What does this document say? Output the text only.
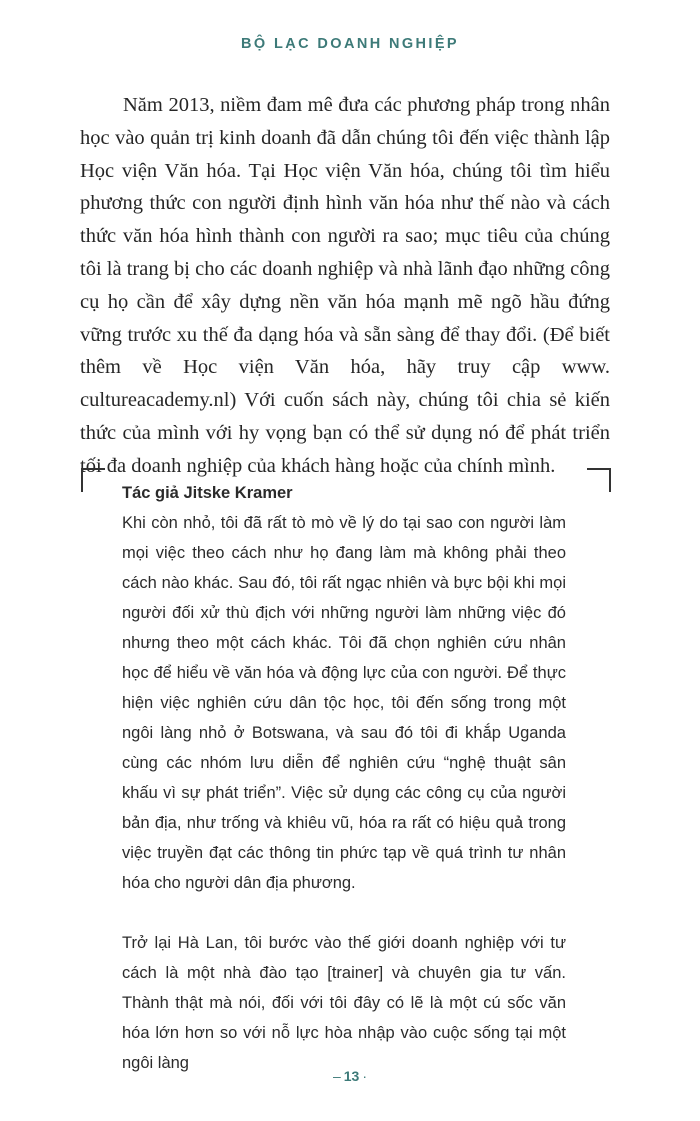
BỘ LẠC DOANH NGHIỆP

Năm 2013, niềm đam mê đưa các phương pháp trong nhân học vào quản trị kinh doanh đã dẫn chúng tôi đến việc thành lập Học viện Văn hóa. Tại Học viện Văn hóa, chúng tôi tìm hiểu phương thức con người định hình văn hóa như thế nào và cách thức văn hóa hình thành con người ra sao; mục tiêu của chúng tôi là trang bị cho các doanh nghiệp và nhà lãnh đạo những công cụ họ cần để xây dựng nền văn hóa mạnh mẽ ngõ hầu đứng vững trước xu thế đa dạng hóa và sẵn sàng để thay đổi. (Để biết thêm về Học viện Văn hóa, hãy truy cập www. cultureacademy.nl) Với cuốn sách này, chúng tôi chia sẻ kiến thức của mình với hy vọng bạn có thể sử dụng nó để phát triển tối đa doanh nghiệp của khách hàng hoặc của chính mình.

Tác giả Jitske Kramer

Khi còn nhỏ, tôi đã rất tò mò về lý do tại sao con người làm mọi việc theo cách như họ đang làm mà không phải theo cách nào khác. Sau đó, tôi rất ngạc nhiên và bực bội khi mọi người đối xử thù địch với những người làm những việc đó nhưng theo một cách khác. Tôi đã chọn nghiên cứu nhân học để hiểu về văn hóa và động lực của con người. Để thực hiện việc nghiên cứu dân tộc học, tôi đến sống trong một ngôi làng nhỏ ở Botswana, và sau đó tôi đi khắp Uganda cùng các nhóm lưu diễn để nghiên cứu “nghệ thuật sân khấu vì sự phát triển”. Việc sử dụng các công cụ của người bản địa, như trống và khiêu vũ, hóa ra rất có hiệu quả trong việc truyền đạt các thông tin phức tạp về quá trình tư nhân hóa cho người dân địa phương.

Trở lại Hà Lan, tôi bước vào thế giới doanh nghiệp với tư cách là một nhà đào tạo [trainer] và chuyên gia tư vấn. Thành thật mà nói, đối với tôi đây có lẽ là một cú sốc văn hóa lớn hơn so với nỗ lực hòa nhập vào cuộc sống tại một ngôi làng

– 13 ·
